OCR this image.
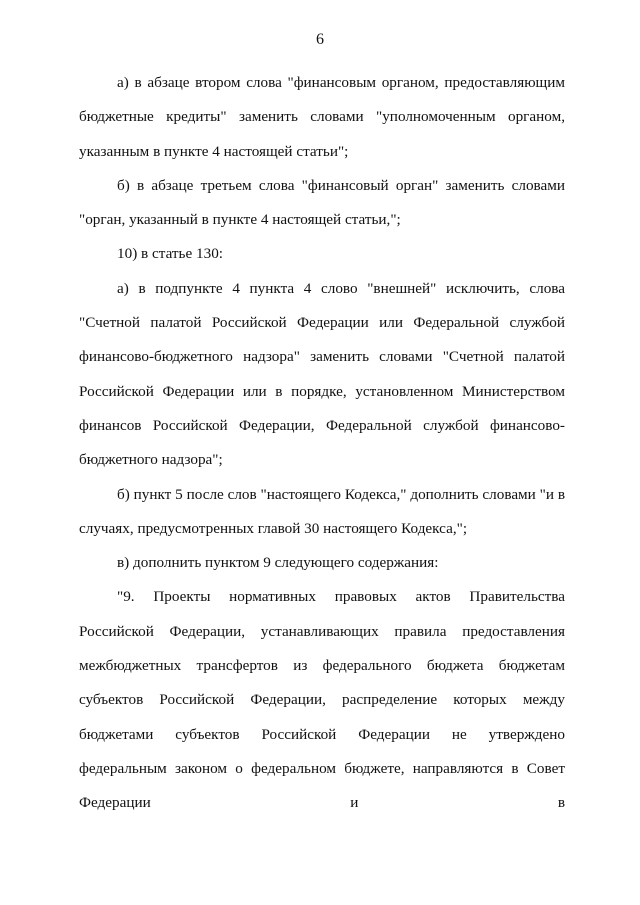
6

а) в абзаце втором слова "финансовым органом, предоставляющим бюджетные кредиты" заменить словами "уполномоченным органом, указанным в пункте 4 настоящей статьи";

б) в абзаце третьем слова "финансовый орган" заменить словами "орган, указанный в пункте 4 настоящей статьи,";

10) в статье 130:

а) в подпункте 4 пункта 4 слово "внешней" исключить, слова "Счетной палатой Российской Федерации или Федеральной службой финансово-бюджетного надзора" заменить словами "Счетной палатой Российской Федерации или в порядке, установленном Министерством финансов Российской Федерации, Федеральной службой финансово-бюджетного надзора";

б) пункт 5 после слов "настоящего Кодекса," дополнить словами "и в случаях, предусмотренных главой 30 настоящего Кодекса,";

в) дополнить пунктом 9 следующего содержания:

"9. Проекты нормативных правовых актов Правительства Российской Федерации, устанавливающих правила предоставления межбюджетных трансфертов из федерального бюджета бюджетам субъектов Российской Федерации, распределение которых между бюджетами субъектов Российской Федерации не утверждено федеральным законом о федеральном бюджете, направляются в Совет Федерации и в
